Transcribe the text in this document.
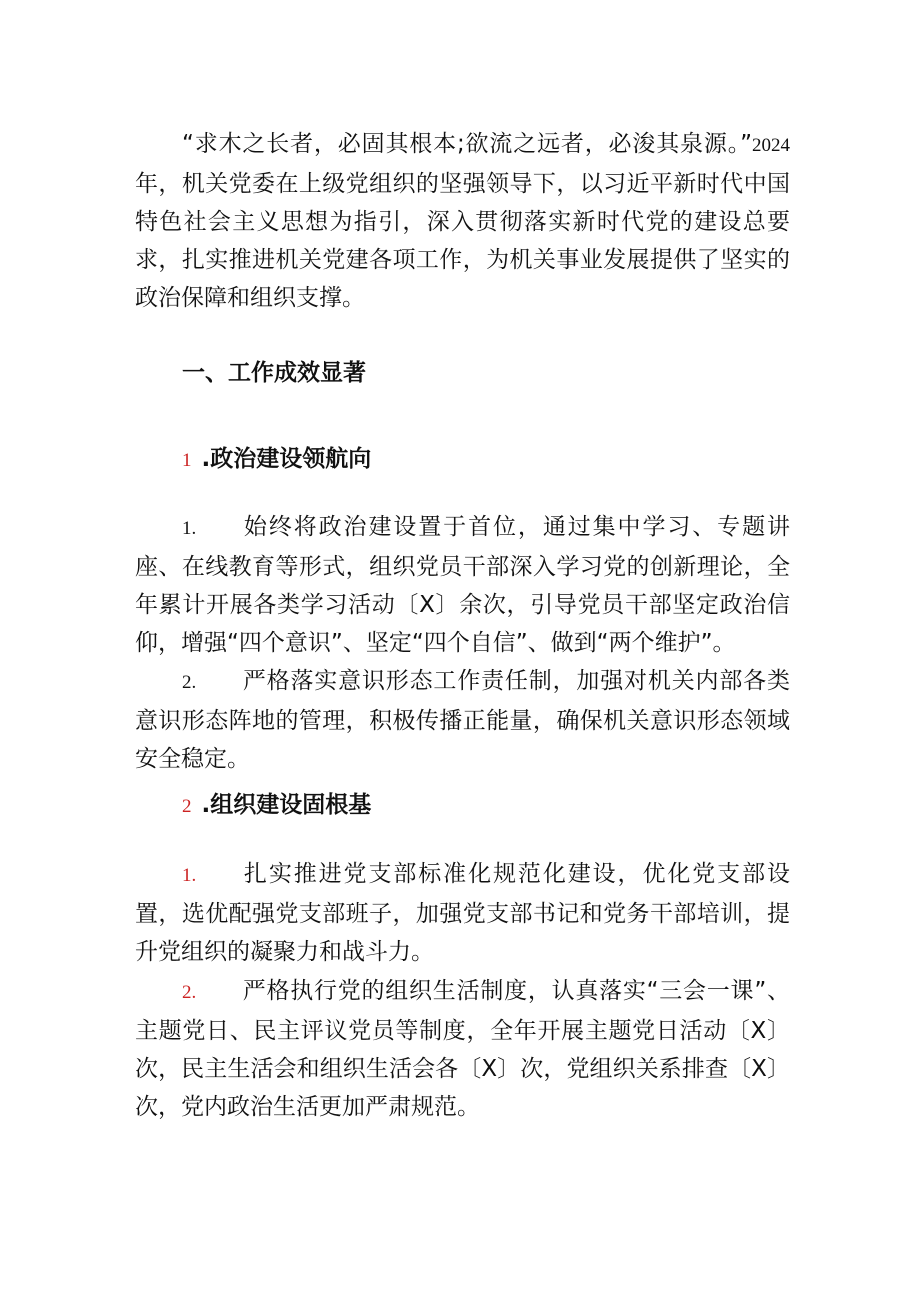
“求木之长者，必固其根本;欲流之远者，必浚其泉源。”2024年，机关党委在上级党组织的坚强领导下，以习近平新时代中国特色社会主义思想为指引，深入贯彻落实新时代党的建设总要求，扎实推进机关党建各项工作，为机关事业发展提供了坚实的政治保障和组织支撑。

一、工作成效显著
1 .政治建设领航向

1. 始终将政治建设置于首位，通过集中学习、专题讲座、在线教育等形式，组织党员干部深入学习党的创新理论，全年累计开展各类学习活动〔X〕余次，引导党员干部坚定政治信仰，增强“四个意识”、坚定“四个自信”、做到“两个维护”。

2. 严格落实意识形态工作责任制，加强对机关内部各类意识形态阵地的管理，积极传播正能量，确保机关意识形态领域安全稳定。

2 .组织建设固根基

1. 扎实推进党支部标准化规范化建设，优化党支部设置，选优配强党支部班子，加强党支部书记和党务干部培训，提升党组织的凝聚力和战斗力。

2. 严格执行党的组织生活制度，认真落实“三会一课”、主题党日、民主评议党员等制度，全年开展主题党日活动〔X〕次，民主生活会和组织生活会各〔X〕次，党组织关系排查〔X〕次，党内政治生活更加严肃规范。
